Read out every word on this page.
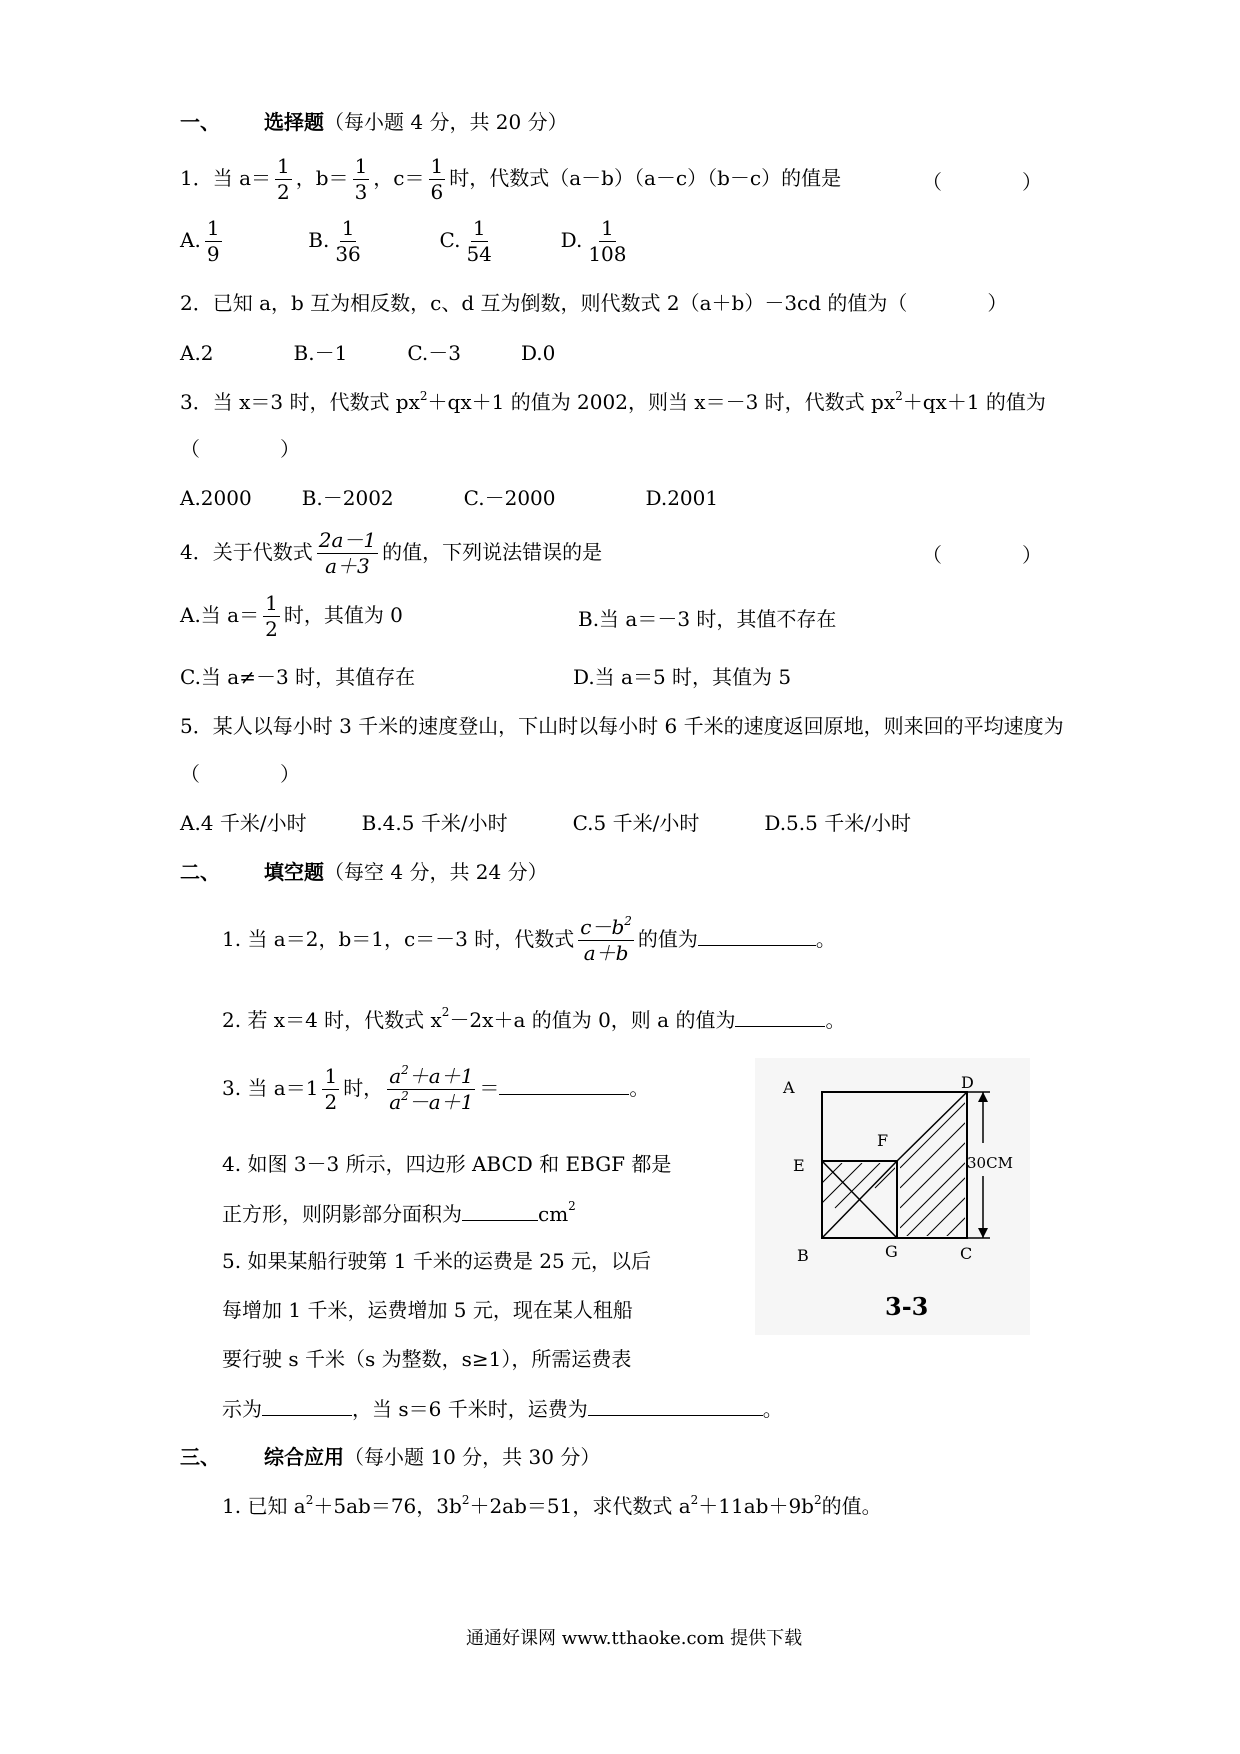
一、 选择题（每小题 4 分，共 20 分）
1．当 $a= \frac{1}{2}$ ，$b= \frac{1}{3}$ ，$c= \frac{1}{6}$ 时，代数式（a－b）（a－c）（b－c）的值是	（　　　　）
A. $\frac{1}{9}$	B. $\frac{1}{36}$	C. $\frac{1}{54}$	D. $\frac{1}{108}$
2．已知 a，b 互为相反数，c、d 互为倒数，则代数式 2（a＋b）－3cd 的值为（　　　　）
A.2	B.－1	C.－3	D.0
3．当 x＝3 时，代数式 $px^2+qx+1$ 的值为 2002，则当 x＝－3 时，代数式 $px^2+qx+1$ 的值为
（　　　　）
A.2000	B.－2002	C.－2000	D.2001
4．关于代数式 $\frac{2a-1}{a+3}$ 的值，下列说法错误的是	（　　　　）
A.当 $a= \frac{1}{2}$ 时，其值为 0	B.当 a＝－3 时，其值不存在
C.当 a≠－3 时，其值存在	D.当 a＝5 时，其值为 5
5．某人以每小时 3 千米的速度登山，下山时以每小时 6 千米的速度返回原地，则来回的平均速度为
（　　　　）
A.4 千米/小时	B.4.5 千米/小时	C.5 千米/小时	D.5.5 千米/小时
二、 填空题（每空 4 分，共 24 分）
1. 当 a＝2，b＝1，c＝－3 时，代数式 $\frac{c-b^2}{a+b}$ 的值为	。
2. 若 x＝4 时，代数式 $x^2-2x+a$ 的值为 0，则 a 的值为	。
3. 当 $a=1 \frac{1}{2}$ 时， $\frac{a^2+a+1}{a^2-a+1}$ ＝	。
4. 如图 3－3 所示，四边形 ABCD 和 EBGF 都是
正方形，则阴影部分面积为	$cm^2$
5. 如果某船行驶第 1 千米的运费是 25 元，以后
每增加 1 千米，运费增加 5 元，现在某人租船
要行驶 s 千米（s 为整数，s≥1），所需运费表
示为	，当 s＝6 千米时，运费为	。
A	D
F
E	30CM
B	G	C
3-3
三、 综合应用（每小题 10 分，共 30 分）
1. 已知 $a^2+5ab=76$，$3b^2+2ab=51$，求代数式 $a^2+11ab+9b^2$的值。
通通好课网 www.tthaoke.com 提供下载
